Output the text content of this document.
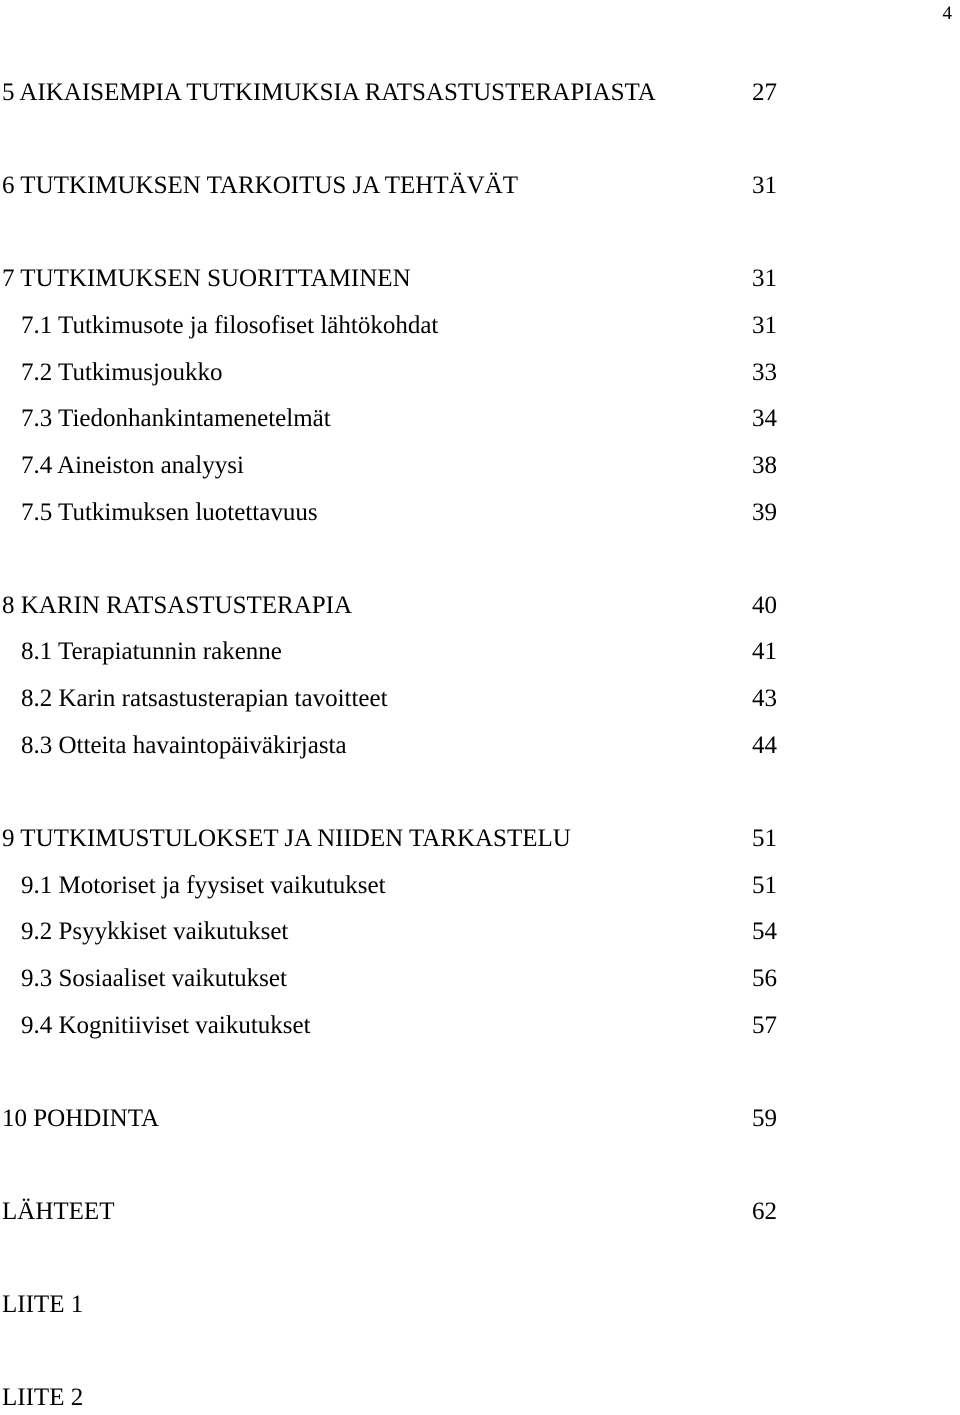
4
5 AIKAISEMPIA TUTKIMUKSIA RATSASTUSTERAPIASTA	27
6 TUTKIMUKSEN TARKOITUS JA TEHTÄVÄT	31
7 TUTKIMUKSEN SUORITTAMINEN	31
7.1 Tutkimusote ja filosofiset lähtökohdat	31
7.2 Tutkimusjoukko	33
7.3 Tiedonhankintamenetelmät	34
7.4 Aineiston analyysi	38
7.5 Tutkimuksen luotettavuus	39
8 KARIN RATSASTUSTERAPIA	40
8.1 Terapiatunnin rakenne	41
8.2 Karin ratsastusterapian tavoitteet	43
8.3 Otteita havaintopäiväkirjasta	44
9 TUTKIMUSTULOKSET JA NIIDEN TARKASTELU	51
9.1 Motoriset ja fyysiset vaikutukset	51
9.2 Psyykkiset vaikutukset	54
9.3 Sosiaaliset vaikutukset	56
9.4 Kognitiiviset vaikutukset	57
10 POHDINTA	59
LÄHTEET	62
LIITE 1
LIITE 2
